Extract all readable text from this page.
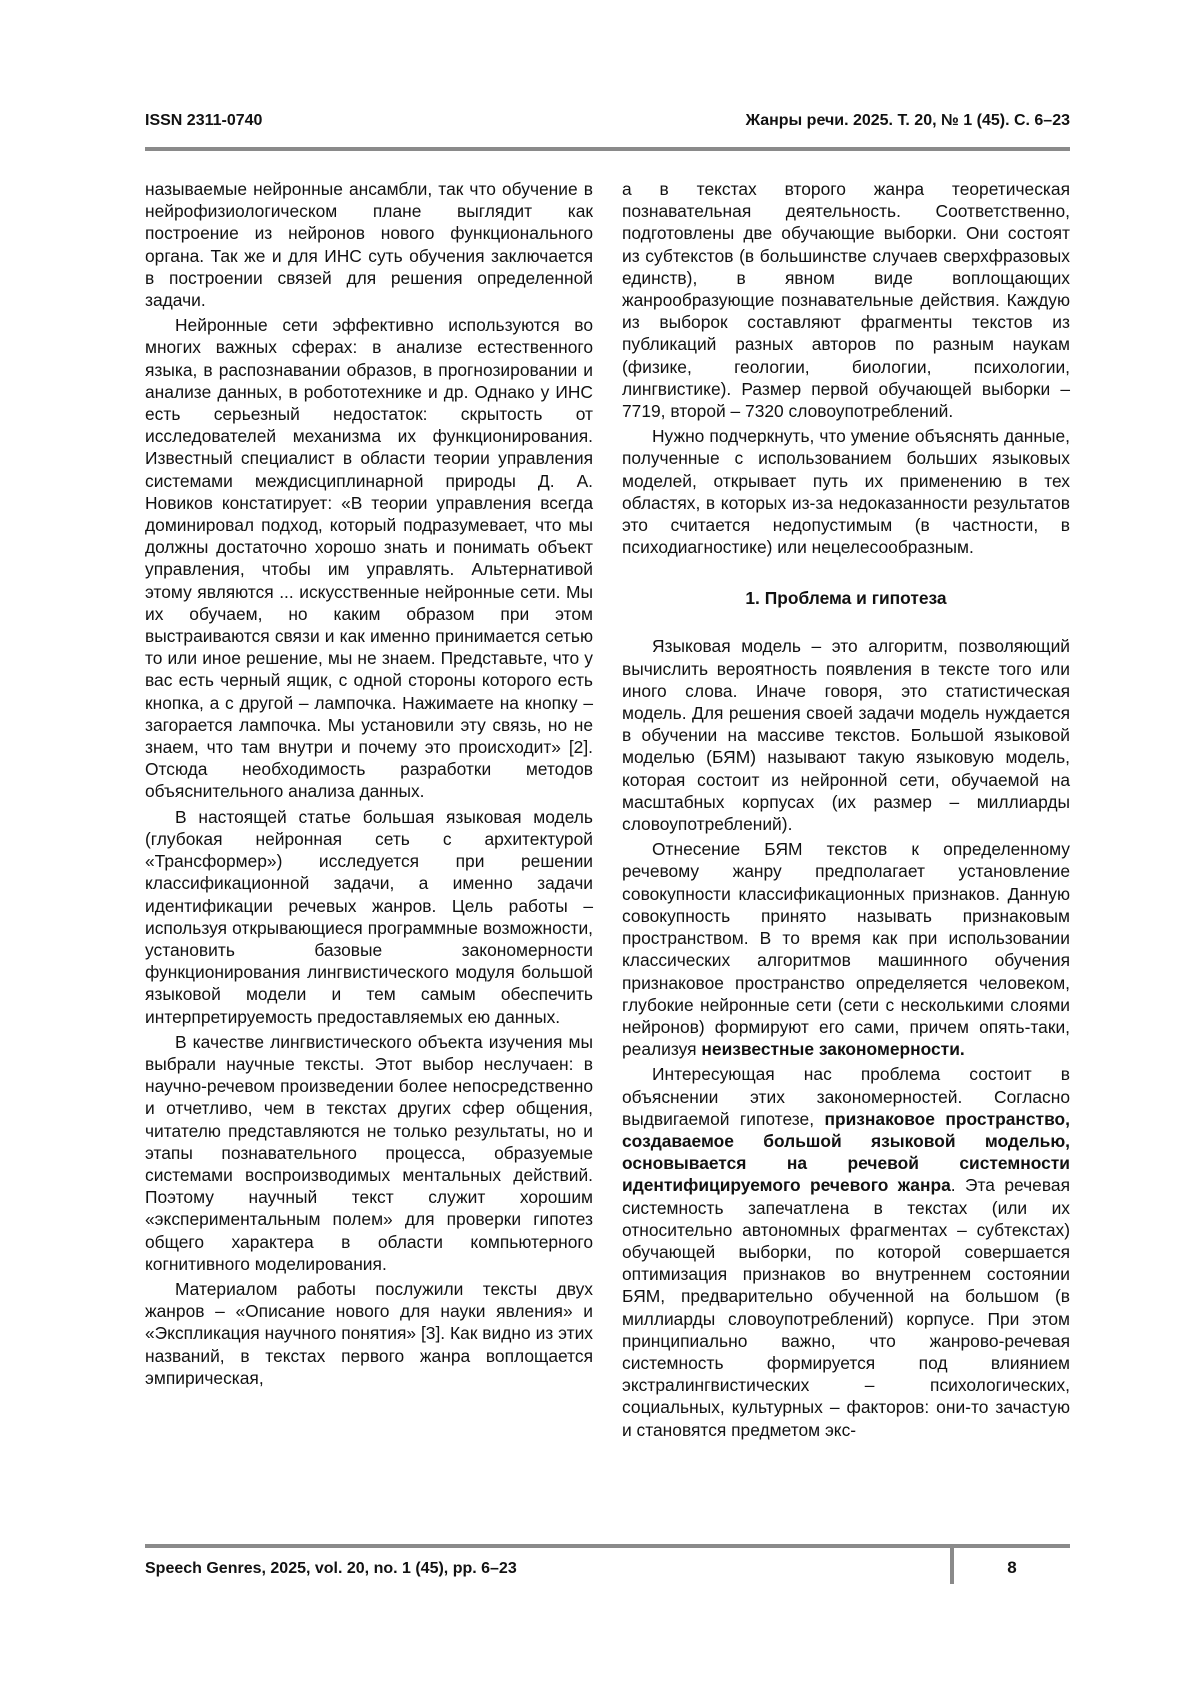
ISSN 2311-0740	Жанры речи. 2025. Т. 20, № 1 (45). С. 6–23

называемые нейронные ансамбли, так что обучение в нейрофизиологическом плане выглядит как построение из нейронов нового функционального органа. Так же и для ИНС суть обучения заключается в построении связей для решения определенной задачи.

Нейронные сети эффективно используются во многих важных сферах: в анализе естественного языка, в распознавании образов, в прогнозировании и анализе данных, в робототехнике и др. Однако у ИНС есть серьезный недостаток: скрытость от исследователей механизма их функционирования. Известный специалист в области теории управления системами междисциплинарной природы Д. А. Новиков констатирует: «В теории управления всегда доминировал подход, который подразумевает, что мы должны достаточно хорошо знать и понимать объект управления, чтобы им управлять. Альтернативой этому являются ... искусственные нейронные сети. Мы их обучаем, но каким образом при этом выстраиваются связи и как именно принимается сетью то или иное решение, мы не знаем. Представьте, что у вас есть черный ящик, с одной стороны которого есть кнопка, а с другой – лампочка. Нажимаете на кнопку – загорается лампочка. Мы установили эту связь, но не знаем, что там внутри и почему это происходит» [2]. Отсюда необходимость разработки методов объяснительного анализа данных.

В настоящей статье большая языковая модель (глубокая нейронная сеть с архитектурой «Трансформер») исследуется при решении классификационной задачи, а именно задачи идентификации речевых жанров. Цель работы – используя открывающиеся программные возможности, установить базовые закономерности функционирования лингвистического модуля большой языковой модели и тем самым обеспечить интерпретируемость предоставляемых ею данных.

В качестве лингвистического объекта изучения мы выбрали научные тексты. Этот выбор неслучаен: в научно-речевом произведении более непосредственно и отчетливо, чем в текстах других сфер общения, читателю представляются не только результаты, но и этапы познавательного процесса, образуемые системами воспроизводимых ментальных действий. Поэтому научный текст служит хорошим «экспериментальным полем» для проверки гипотез общего характера в области компьютерного когнитивного моделирования.

Материалом работы послужили тексты двух жанров – «Описание нового для науки явления» и «Экспликация научного понятия» [3]. Как видно из этих названий, в текстах первого жанра воплощается эмпирическая,

а в текстах второго жанра теоретическая познавательная деятельность. Соответственно, подготовлены две обучающие выборки. Они состоят из субтекстов (в большинстве случаев сверхфразовых единств), в явном виде воплощающих жанрообразующие познавательные действия. Каждую из выборок составляют фрагменты текстов из публикаций разных авторов по разным наукам (физике, геологии, биологии, психологии, лингвистике). Размер первой обучающей выборки – 7719, второй – 7320 словоупотреблений.

Нужно подчеркнуть, что умение объяснять данные, полученные с использованием больших языковых моделей, открывает путь их применению в тех областях, в которых из-за недоказанности результатов это считается недопустимым (в частности, в психодиагностике) или нецелесообразным.

1. Проблема и гипотеза

Языковая модель – это алгоритм, позволяющий вычислить вероятность появления в тексте того или иного слова. Иначе говоря, это статистическая модель. Для решения своей задачи модель нуждается в обучении на массиве текстов. Большой языковой моделью (БЯМ) называют такую языковую модель, которая состоит из нейронной сети, обучаемой на масштабных корпусах (их размер – миллиарды словоупотреблений).

Отнесение БЯМ текстов к определенному речевому жанру предполагает установление совокупности классификационных признаков. Данную совокупность принято называть признаковым пространством. В то время как при использовании классических алгоритмов машинного обучения признаковое пространство определяется человеком, глубокие нейронные сети (сети с несколькими слоями нейронов) формируют его сами, причем опять-таки, реализуя неизвестные закономерности.

Интересующая нас проблема состоит в объяснении этих закономерностей. Согласно выдвигаемой гипотезе, признаковое пространство, создаваемое большой языковой моделью, основывается на речевой системности идентифицируемого речевого жанра. Эта речевая системность запечатлена в текстах (или их относительно автономных фрагментах – субтекстах) обучающей выборки, по которой совершается оптимизация признаков во внутреннем состоянии БЯМ, предварительно обученной на большом (в миллиарды словоупотреблений) корпусе. При этом принципиально важно, что жанрово-речевая системность формируется под влиянием экстралингвистических – психологических, социальных, культурных – факторов: они-то зачастую и становятся предметом экс-

Speech Genres, 2025, vol. 20, no. 1 (45), pp. 6–23	8
